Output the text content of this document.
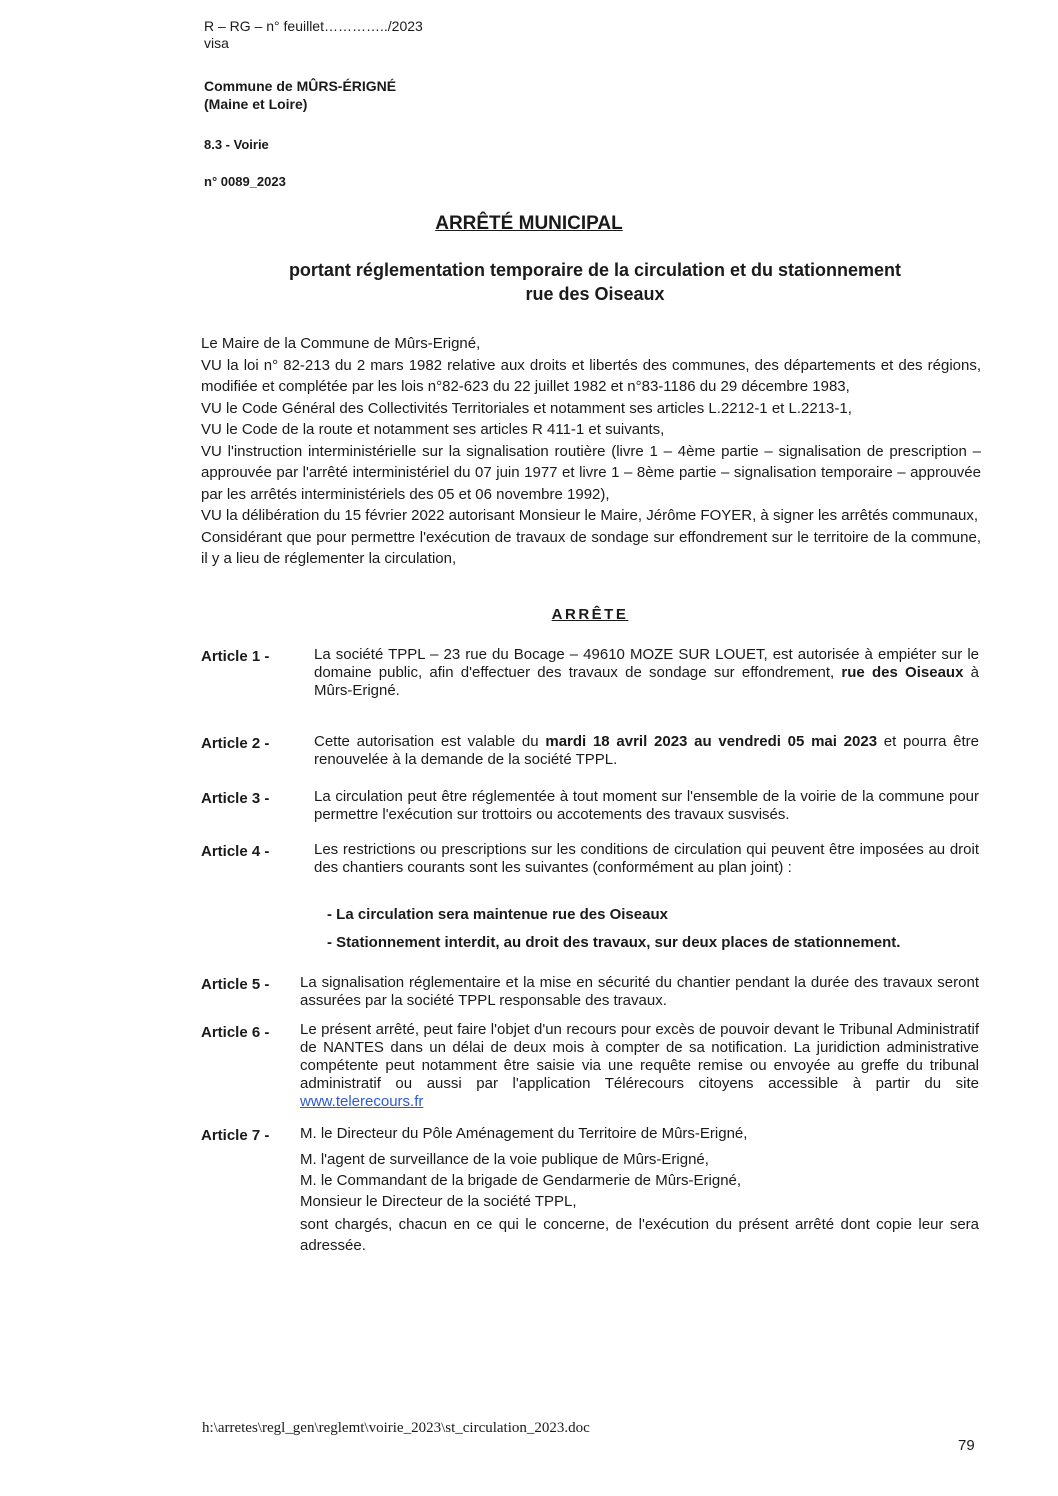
R – RG – n° feuillet…………../2023
visa
Commune de MÛRS-ÉRIGNÉ
(Maine et Loire)
8.3 - Voirie
n° 0089_2023
ARRÊTÉ MUNICIPAL
portant réglementation temporaire de la circulation et du stationnement
rue des Oiseaux

Le Maire de la Commune de Mûrs-Erigné,

VU la loi n° 82-213 du 2 mars 1982 relative aux droits et libertés des communes, des départements et des régions, modifiée et complétée par les lois n°82-623 du 22 juillet 1982 et n°83-1186 du 29 décembre 1983,

VU le Code Général des Collectivités Territoriales et notamment ses articles L.2212-1 et L.2213-1,

VU le Code de la route et notamment ses articles R 411-1 et suivants,

VU l'instruction interministérielle sur la signalisation routière (livre 1 – 4ème partie – signalisation de prescription – approuvée par l'arrêté interministériel du 07 juin 1977 et livre 1 – 8ème partie – signalisation temporaire – approuvée par les arrêtés interministériels des 05 et 06 novembre 1992),

VU la délibération du 15 février 2022 autorisant Monsieur le Maire, Jérôme FOYER, à signer les arrêtés communaux,

Considérant que pour permettre l'exécution de travaux de sondage sur effondrement sur le territoire de la commune, il y a lieu de réglementer la circulation,

ARRÊTE
Article 1 -	La société TPPL – 23 rue du Bocage – 49610 MOZE SUR LOUET, est autorisée à empiéter sur le domaine public, afin d'effectuer des travaux de sondage sur effondrement, rue des Oiseaux à Mûrs-Erigné.
Article 2 -	Cette autorisation est valable du mardi 18 avril 2023 au vendredi 05 mai 2023 et pourra être renouvelée à la demande de la société TPPL.
Article 3 -	La circulation peut être réglementée à tout moment sur l'ensemble de la voirie de la commune pour permettre l'exécution sur trottoirs ou accotements des travaux susvisés.
Article 4 -	Les restrictions ou prescriptions sur les conditions de circulation qui peuvent être imposées au droit des chantiers courants sont les suivantes (conformément au plan joint) :
- La circulation sera maintenue rue des Oiseaux
- Stationnement interdit, au droit des travaux, sur deux places de stationnement.
Article 5 - La signalisation réglementaire et la mise en sécurité du chantier pendant la durée des travaux seront assurées par la société TPPL responsable des travaux.
Article 6 - Le présent arrêté, peut faire l'objet d'un recours pour excès de pouvoir devant le Tribunal Administratif de NANTES dans un délai de deux mois à compter de sa notification. La juridiction administrative compétente peut notamment être saisie via une requête remise ou envoyée au greffe du tribunal administratif ou aussi par l'application Télérecours citoyens accessible à partir du site www.telerecours.fr
Article 7 - M. le Directeur du Pôle Aménagement du Territoire de Mûrs-Erigné,

M. l'agent de surveillance de la voie publique de Mûrs-Erigné,

M. le Commandant de la brigade de Gendarmerie de Mûrs-Erigné,

Monsieur le Directeur de la société TPPL,

sont chargés, chacun en ce qui le concerne, de l'exécution du présent arrêté dont copie leur sera adressée.

h:\arretes\regl_gen\reglemt\voirie_2023\st_circulation_2023.doc
79
